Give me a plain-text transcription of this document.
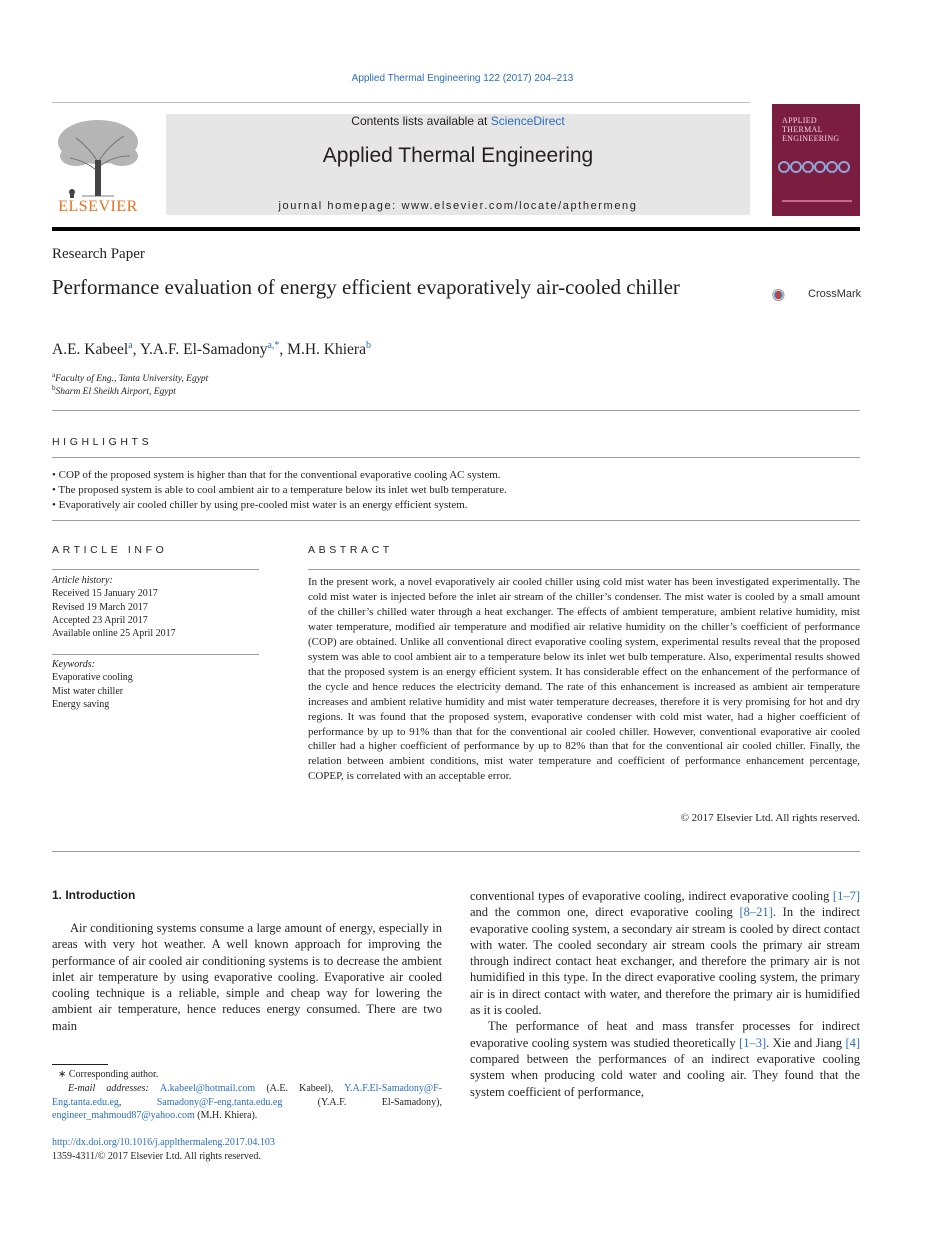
Applied Thermal Engineering 122 (2017) 204–213
ELSEVIER
Contents lists available at ScienceDirect
Applied Thermal Engineering
journal homepage: www.elsevier.com/locate/apthermeng
APPLIED THERMAL ENGINEERING
Research Paper
Performance evaluation of energy efficient evaporatively air-cooled chiller	CrossMark
A.E. Kabeel$^a$, Y.A.F. El-Samadony$^{a,*}$, M.H. Khiera$^b$
$^a$Faculty of Eng., Tanta University, Egypt
$^b$Sharm El Sheikh Airport, Egypt
HIGHLIGHTS
• COP of the proposed system is higher than that for the conventional evaporative cooling AC system.
• The proposed system is able to cool ambient air to a temperature below its inlet wet bulb temperature.
• Evaporatively air cooled chiller by using pre-cooled mist water is an energy efficient system.
ARTICLE INFO
Article history:
Received 15 January 2017
Revised 19 March 2017
Accepted 23 April 2017
Available online 25 April 2017
Keywords:
Evaporative cooling
Mist water chiller
Energy saving
ABSTRACT
In the present work, a novel evaporatively air cooled chiller using cold mist water has been investigated experimentally. The cold mist water is injected before the inlet air stream of the chiller’s condenser. The mist water is cooled by a small amount of the chiller’s chilled water through a heat exchanger. The effects of ambient temperature, ambient relative humidity, mist water temperature, modified air temperature and modified air relative humidity on the chiller’s coefficient of performance (COP) are obtained. Unlike all conventional direct evaporative cooling system, experimental results reveal that the proposed system was able to cool ambient air to a temperature below its inlet wet bulb temperature. Also, experimental results showed that the proposed system is an energy efficient system. It has considerable effect on the enhancement of the performance of the cycle and hence reduces the electricity demand. The rate of this enhancement is increased as ambient air temperature increases and ambient relative humidity and mist water temperature decreases, therefore it is very promising for hot and dry regions. It was found that the proposed system, evaporative condenser with cold mist water, had a higher coefficient of performance by up to 91% than that for the conventional air cooled chiller. However, conventional evaporative air cooled chiller had a higher coefficient of performance by up to 82% than that for the conventional air cooled chiller. Finally, the relation between ambient conditions, mist water temperature and coefficient of performance enhancement percentage, COPEP, is correlated with an acceptable error.
© 2017 Elsevier Ltd. All rights reserved.
1. Introduction

Air conditioning systems consume a large amount of energy, especially in areas with very hot weather. A well known approach for improving the performance of air cooled air conditioning systems is to decrease the ambient inlet air temperature by using evaporative cooling. Evaporative air cooled cooling technique is a reliable, simple and cheap way for lowering the ambient air temperature, hence reduces energy consumed. There are two main

conventional types of evaporative cooling, indirect evaporative cooling [1–7] and the common one, direct evaporative cooling [8–21]. In the indirect evaporative cooling system, a secondary air stream is cooled by direct contact with water. The cooled secondary air stream cools the primary air stream through indirect contact heat exchanger, and therefore the primary air is not humidified in this type. In the direct evaporative cooling system, the primary air is in direct contact with water, and therefore the primary air is humidified as it is cooled.

The performance of heat and mass transfer processes for indirect evaporative cooling system was studied theoretically [1–3]. Xie and Jiang [4] compared between the performances of an indirect evaporative cooling system when producing cold water and cooling air. They found that the system coefficient of performance,

∗ Corresponding author.
E-mail addresses: A.kabeel@hotmail.com (A.E. Kabeel), Y.A.F.El-Samadony@F-Eng.tanta.edu.eg, Samadony@F-eng.tanta.edu.eg (Y.A.F. El-Samadony), engineer_mahmoud87@yahoo.com (M.H. Khiera).
http://dx.doi.org/10.1016/j.applthermaleng.2017.04.103
1359-4311/© 2017 Elsevier Ltd. All rights reserved.
